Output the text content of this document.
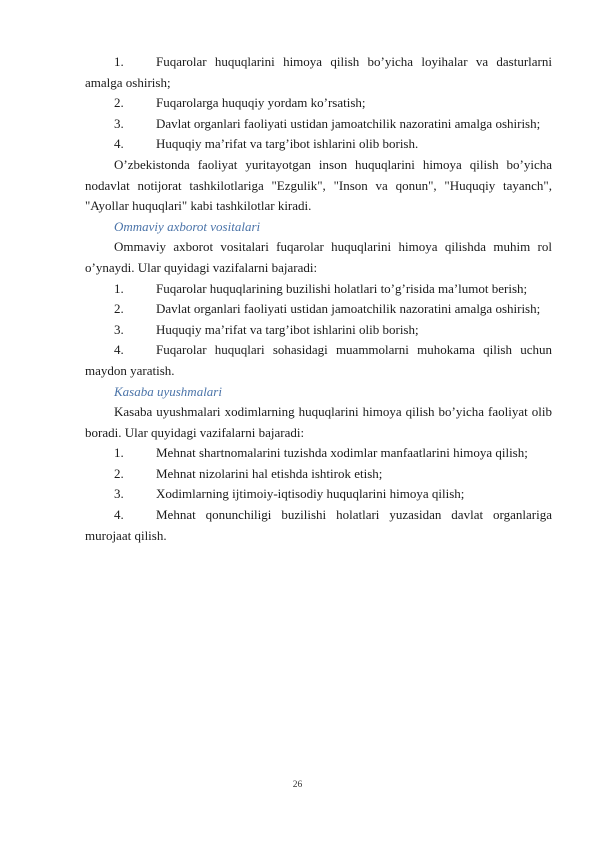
1. Fuqarolar huquqlarini himoya qilish bo’yicha loyihalar va dasturlarni amalga oshirish;

2. Fuqarolarga huquqiy yordam ko’rsatish;

3. Davlat organlari faoliyati ustidan jamoatchilik nazoratini amalga oshirish;

4. Huquqiy ma’rifat va targ’ibot ishlarini olib borish.

O’zbekistonda faoliyat yuritayotgan inson huquqlarini himoya qilish bo’yicha nodavlat notijorat tashkilotlariga "Ezgulik", "Inson va qonun", "Huquqiy tayanch", "Ayollar huquqlari" kabi tashkilotlar kiradi.

Ommaviy axborot vositalari

Ommaviy axborot vositalari fuqarolar huquqlarini himoya qilishda muhim rol o’ynaydi. Ular quyidagi vazifalarni bajaradi:

1. Fuqarolar huquqlarining buzilishi holatlari to’g’risida ma’lumot berish;

2. Davlat organlari faoliyati ustidan jamoatchilik nazoratini amalga oshirish;

3. Huquqiy ma’rifat va targ’ibot ishlarini olib borish;

4. Fuqarolar huquqlari sohasidagi muammolarni muhokama qilish uchun maydon yaratish.

Kasaba uyushmalari

Kasaba uyushmalari xodimlarning huquqlarini himoya qilish bo’yicha faoliyat olib boradi. Ular quyidagi vazifalarni bajaradi:

1. Mehnat shartnomalarini tuzishda xodimlar manfaatlarini himoya qilish;

2. Mehnat nizolarini hal etishda ishtirok etish;

3. Xodimlarning ijtimoiy-iqtisodiy huquqlarini himoya qilish;

4. Mehnat qonunchiligi buzilishi holatlari yuzasidan davlat organlariga murojaat qilish.

26
